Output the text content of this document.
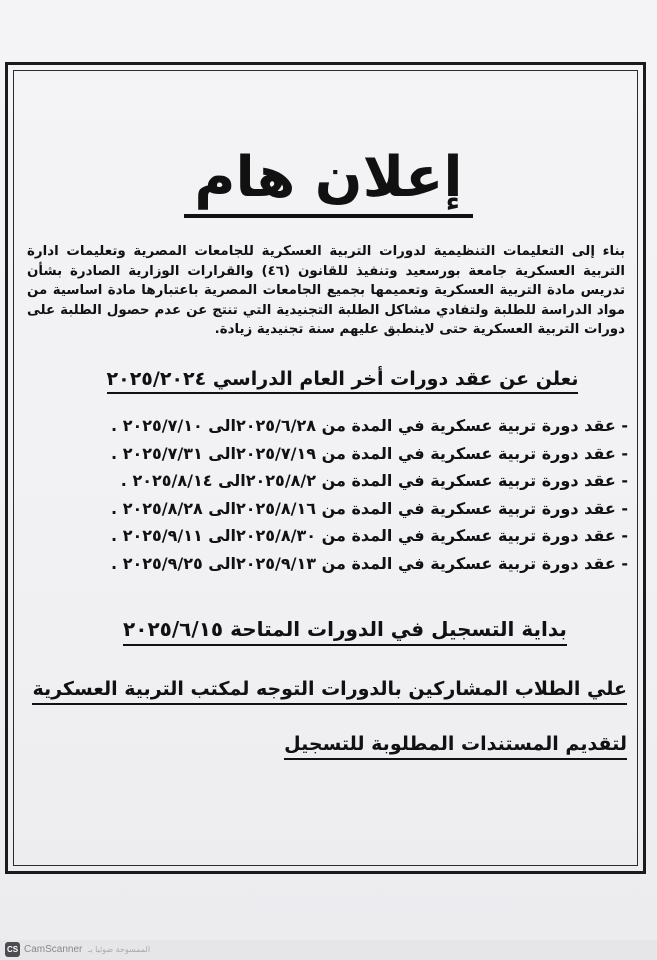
إعلان هام
بناء إلى التعليمات التنظيمية لدورات التربية العسكرية للجامعات المصرية وتعليمات ادارة التربية العسكرية جامعة بورسعيد وتنفيذ للقانون (٤٦) والقرارات الوزارية الصادرة بشأن تدريس مادة التربية العسكرية وتعميمها بجميع الجامعات المصرية باعتبارها مادة اساسية من مواد الدراسة للطلبة ولتفادي مشاكل الطلبة التجنيدية التي تنتج عن عدم حصول الطلبة على دورات التربية العسكرية حتى لاينطبق عليهم سنة تجنيدية زيادة.
نعلن عن عقد دورات أخر العام الدراسي ٢٠٢٥/٢٠٢٤
- عقد دورة تربية عسكرية في المدة من ٢٠٢٥/٦/٢٨الى ٢٠٢٥/٧/١٠ .
- عقد دورة تربية عسكرية في المدة من ٢٠٢٥/٧/١٩الى ٢٠٢٥/٧/٣١ .
- عقد دورة تربية عسكرية في المدة من ٢٠٢٥/٨/٢الى ٢٠٢٥/٨/١٤ .
- عقد دورة تربية عسكرية في المدة من ٢٠٢٥/٨/١٦الى ٢٠٢٥/٨/٢٨ .
- عقد دورة تربية عسكرية في المدة من ٢٠٢٥/٨/٣٠الى ٢٠٢٥/٩/١١ .
- عقد دورة تربية عسكرية في المدة من ٢٠٢٥/٩/١٣الى ٢٠٢٥/٩/٢٥ .
بداية التسجيل في الدورات المتاحة ٢٠٢٥/٦/١٥
علي الطلاب المشاركين بالدورات التوجه لمكتب التربية العسكرية
لتقديم المستندات المطلوبة للتسجيل
CS CamScanner الممسوحة ضوئيا بـ
